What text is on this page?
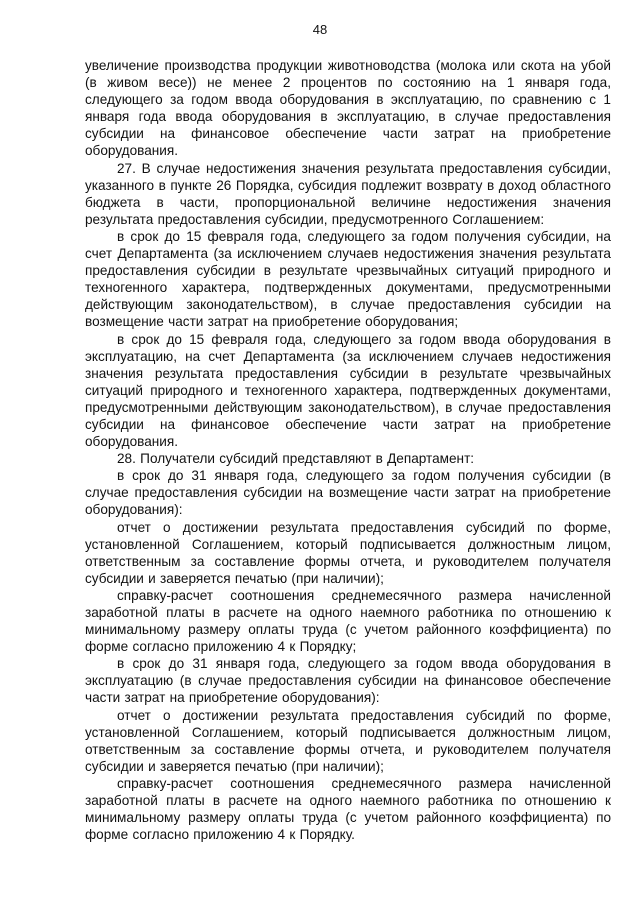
48

увеличение производства продукции животноводства (молока или скота на убой (в живом весе)) не менее 2 процентов по состоянию на 1 января года, следующего за годом ввода оборудования в эксплуатацию, по сравнению с 1 января года ввода оборудования в эксплуатацию, в случае предоставления субсидии на финансовое обеспечение части затрат на приобретение оборудования.

27. В случае недостижения значения результата предоставления субсидии, указанного в пункте 26 Порядка, субсидия подлежит возврату в доход областного бюджета в части, пропорциональной величине недостижения значения результата предоставления субсидии, предусмотренного Соглашением:

в срок до 15 февраля года, следующего за годом получения субсидии, на счет Департамента (за исключением случаев недостижения значения результата предоставления субсидии в результате чрезвычайных ситуаций природного и техногенного характера, подтвержденных документами, предусмотренными действующим законодательством), в случае предоставления субсидии на возмещение части затрат на приобретение оборудования;

в срок до 15 февраля года, следующего за годом ввода оборудования в эксплуатацию, на счет Департамента (за исключением случаев недостижения значения результата предоставления субсидии в результате чрезвычайных ситуаций природного и техногенного характера, подтвержденных документами, предусмотренными действующим законодательством), в случае предоставления субсидии на финансовое обеспечение части затрат на приобретение оборудования.

28. Получатели субсидий представляют в Департамент:

в срок до 31 января года, следующего за годом получения субсидии (в случае предоставления субсидии на возмещение части затрат на приобретение оборудования):

отчет о достижении результата предоставления субсидий по форме, установленной Соглашением, который подписывается должностным лицом, ответственным за составление формы отчета, и руководителем получателя субсидии и заверяется печатью (при наличии);

справку-расчет соотношения среднемесячного размера начисленной заработной платы в расчете на одного наемного работника по отношению к минимальному размеру оплаты труда (с учетом районного коэффициента) по форме согласно приложению 4 к Порядку;

в срок до 31 января года, следующего за годом ввода оборудования в эксплуатацию (в случае предоставления субсидии на финансовое обеспечение части затрат на приобретение оборудования):

отчет о достижении результата предоставления субсидий по форме, установленной Соглашением, который подписывается должностным лицом, ответственным за составление формы отчета, и руководителем получателя субсидии и заверяется печатью (при наличии);

справку-расчет соотношения среднемесячного размера начисленной заработной платы в расчете на одного наемного работника по отношению к минимальному размеру оплаты труда (с учетом районного коэффициента) по форме согласно приложению 4 к Порядку.
